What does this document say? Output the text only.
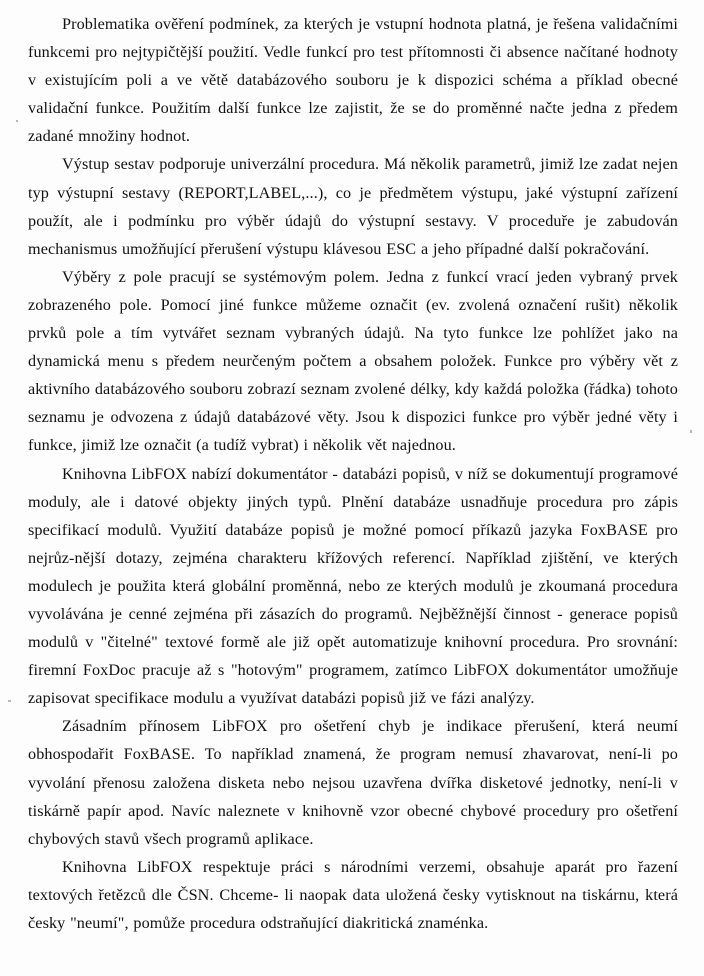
Problematika ověření podmínek, za kterých je vstupní hodnota platná, je řešena validačními funkcemi pro nejtypičtější použití. Vedle funkcí pro test přítomnosti či absence načítané hodnoty v existujícím poli a ve větě databázového souboru je k dispozici schéma a příklad obecné validační funkce. Použitím další funkce lze zajistit, že se do proměnné načte jedna z předem zadané množiny hodnot.

Výstup sestav podporuje univerzální procedura. Má několik parametrů, jimiž lze zadat nejen typ výstupní sestavy (REPORT,LABEL,...), co je předmětem výstupu, jaké výstupní zařízení použít, ale i podmínku pro výběr údajů do výstupní sestavy. V proceduře je zabudován mechanismus umožňující přerušení výstupu klávesou ESC a jeho případné další pokračování.

Výběry z pole pracují se systémovým polem. Jedna z funkcí vrací jeden vybraný prvek zobrazeného pole. Pomocí jiné funkce můžeme označit (ev. zvolená označení rušit) několik prvků pole a tím vytvářet seznam vybraných údajů. Na tyto funkce lze pohlížet jako na dynamická menu s předem neurčeným počtem a obsahem položek. Funkce pro výběry vět z aktivního databázového souboru zobrazí seznam zvolené délky, kdy každá položka (řádka) tohoto seznamu je odvozena z údajů databázové věty. Jsou k dispozici funkce pro výběr jedné věty i funkce, jimiž lze označit (a tudíž vybrat) i několik vět najednou.

Knihovna LibFOX nabízí dokumentátor - databázi popisů, v níž se dokumentují programové moduly, ale i datové objekty jiných typů. Plnění databáze usnadňuje procedura pro zápis specifikací modulů. Využití databáze popisů je možné pomocí příkazů jazyka FoxBASE pro nejrůz-nější dotazy, zejména charakteru křížových referencí. Například zjištění, ve kterých modulech je použita která globální proměnná, nebo ze kterých modulů je zkoumaná procedura vyvolávána je cenné zejména při zásazích do programů. Nejběžnější činnost - generace popisů modulů v "čitelné" textové formě ale již opět automatizuje knihovní procedura. Pro srovnání: firemní FoxDoc pracuje až s "hotovým" programem, zatímco LibFOX dokumentátor umožňuje zapisovat specifikace modulu a využívat databázi popisů již ve fázi analýzy.

Zásadním přínosem LibFOX pro ošetření chyb je indikace přerušení, která neumí obhospodařit FoxBASE. To například znamená, že program nemusí zhavarovat, není-li po vyvolání přenosu založena disketa nebo nejsou uzavřena dvířka disketové jednotky, není-li v tiskárně papír apod. Navíc naleznete v knihovně vzor obecné chybové procedury pro ošetření chybových stavů všech programů aplikace.

Knihovna LibFOX respektuje práci s národními verzemi, obsahuje aparát pro řazení textových řetězců dle ČSN. Chceme- li naopak data uložená česky vytisknout na tiskárnu, která česky "neumí", pomůže procedura odstraňující diakritická znaménka.
